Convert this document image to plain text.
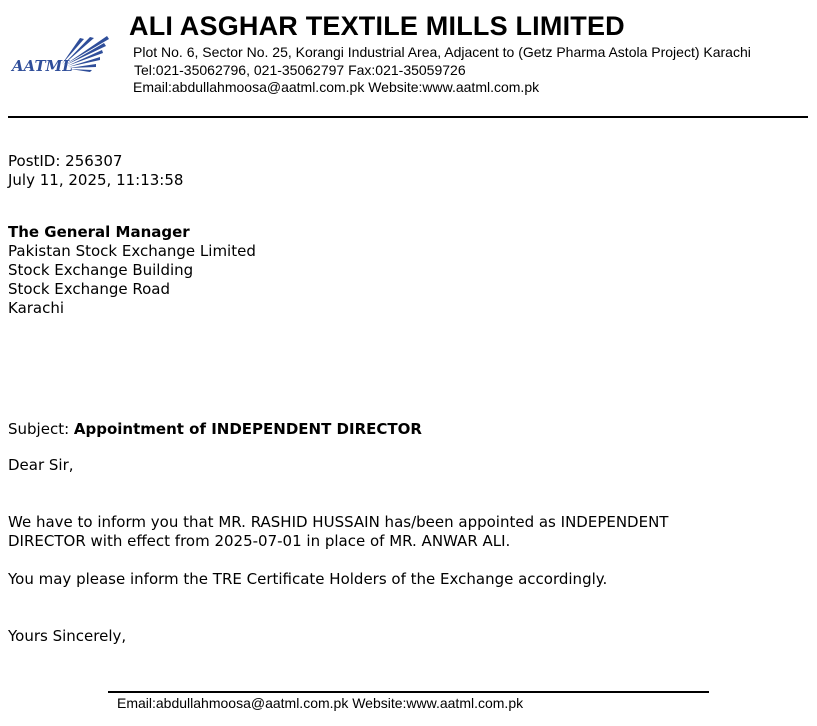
AATML
ALI ASGHAR TEXTILE MILLS LIMITED
Plot No. 6, Sector No. 25, Korangi Industrial Area, Adjacent to (Getz Pharma Astola Project) Karachi
Tel:021-35062796, 021-35062797 Fax:021-35059726
Email:abdullahmoosa@aatml.com.pk Website:www.aatml.com.pk
PostID: 256307
July 11, 2025, 11:13:58
The General Manager
Pakistan Stock Exchange Limited
Stock Exchange Building
Stock Exchange Road
Karachi
Subject: Appointment of INDEPENDENT DIRECTOR
Dear Sir,
We have to inform you that MR. RASHID HUSSAIN has/been appointed as INDEPENDENT DIRECTOR with effect from 2025-07-01 in place of MR. ANWAR ALI.
You may please inform the TRE Certificate Holders of the Exchange accordingly.
Yours Sincerely,
Email:abdullahmoosa@aatml.com.pk Website:www.aatml.com.pk
